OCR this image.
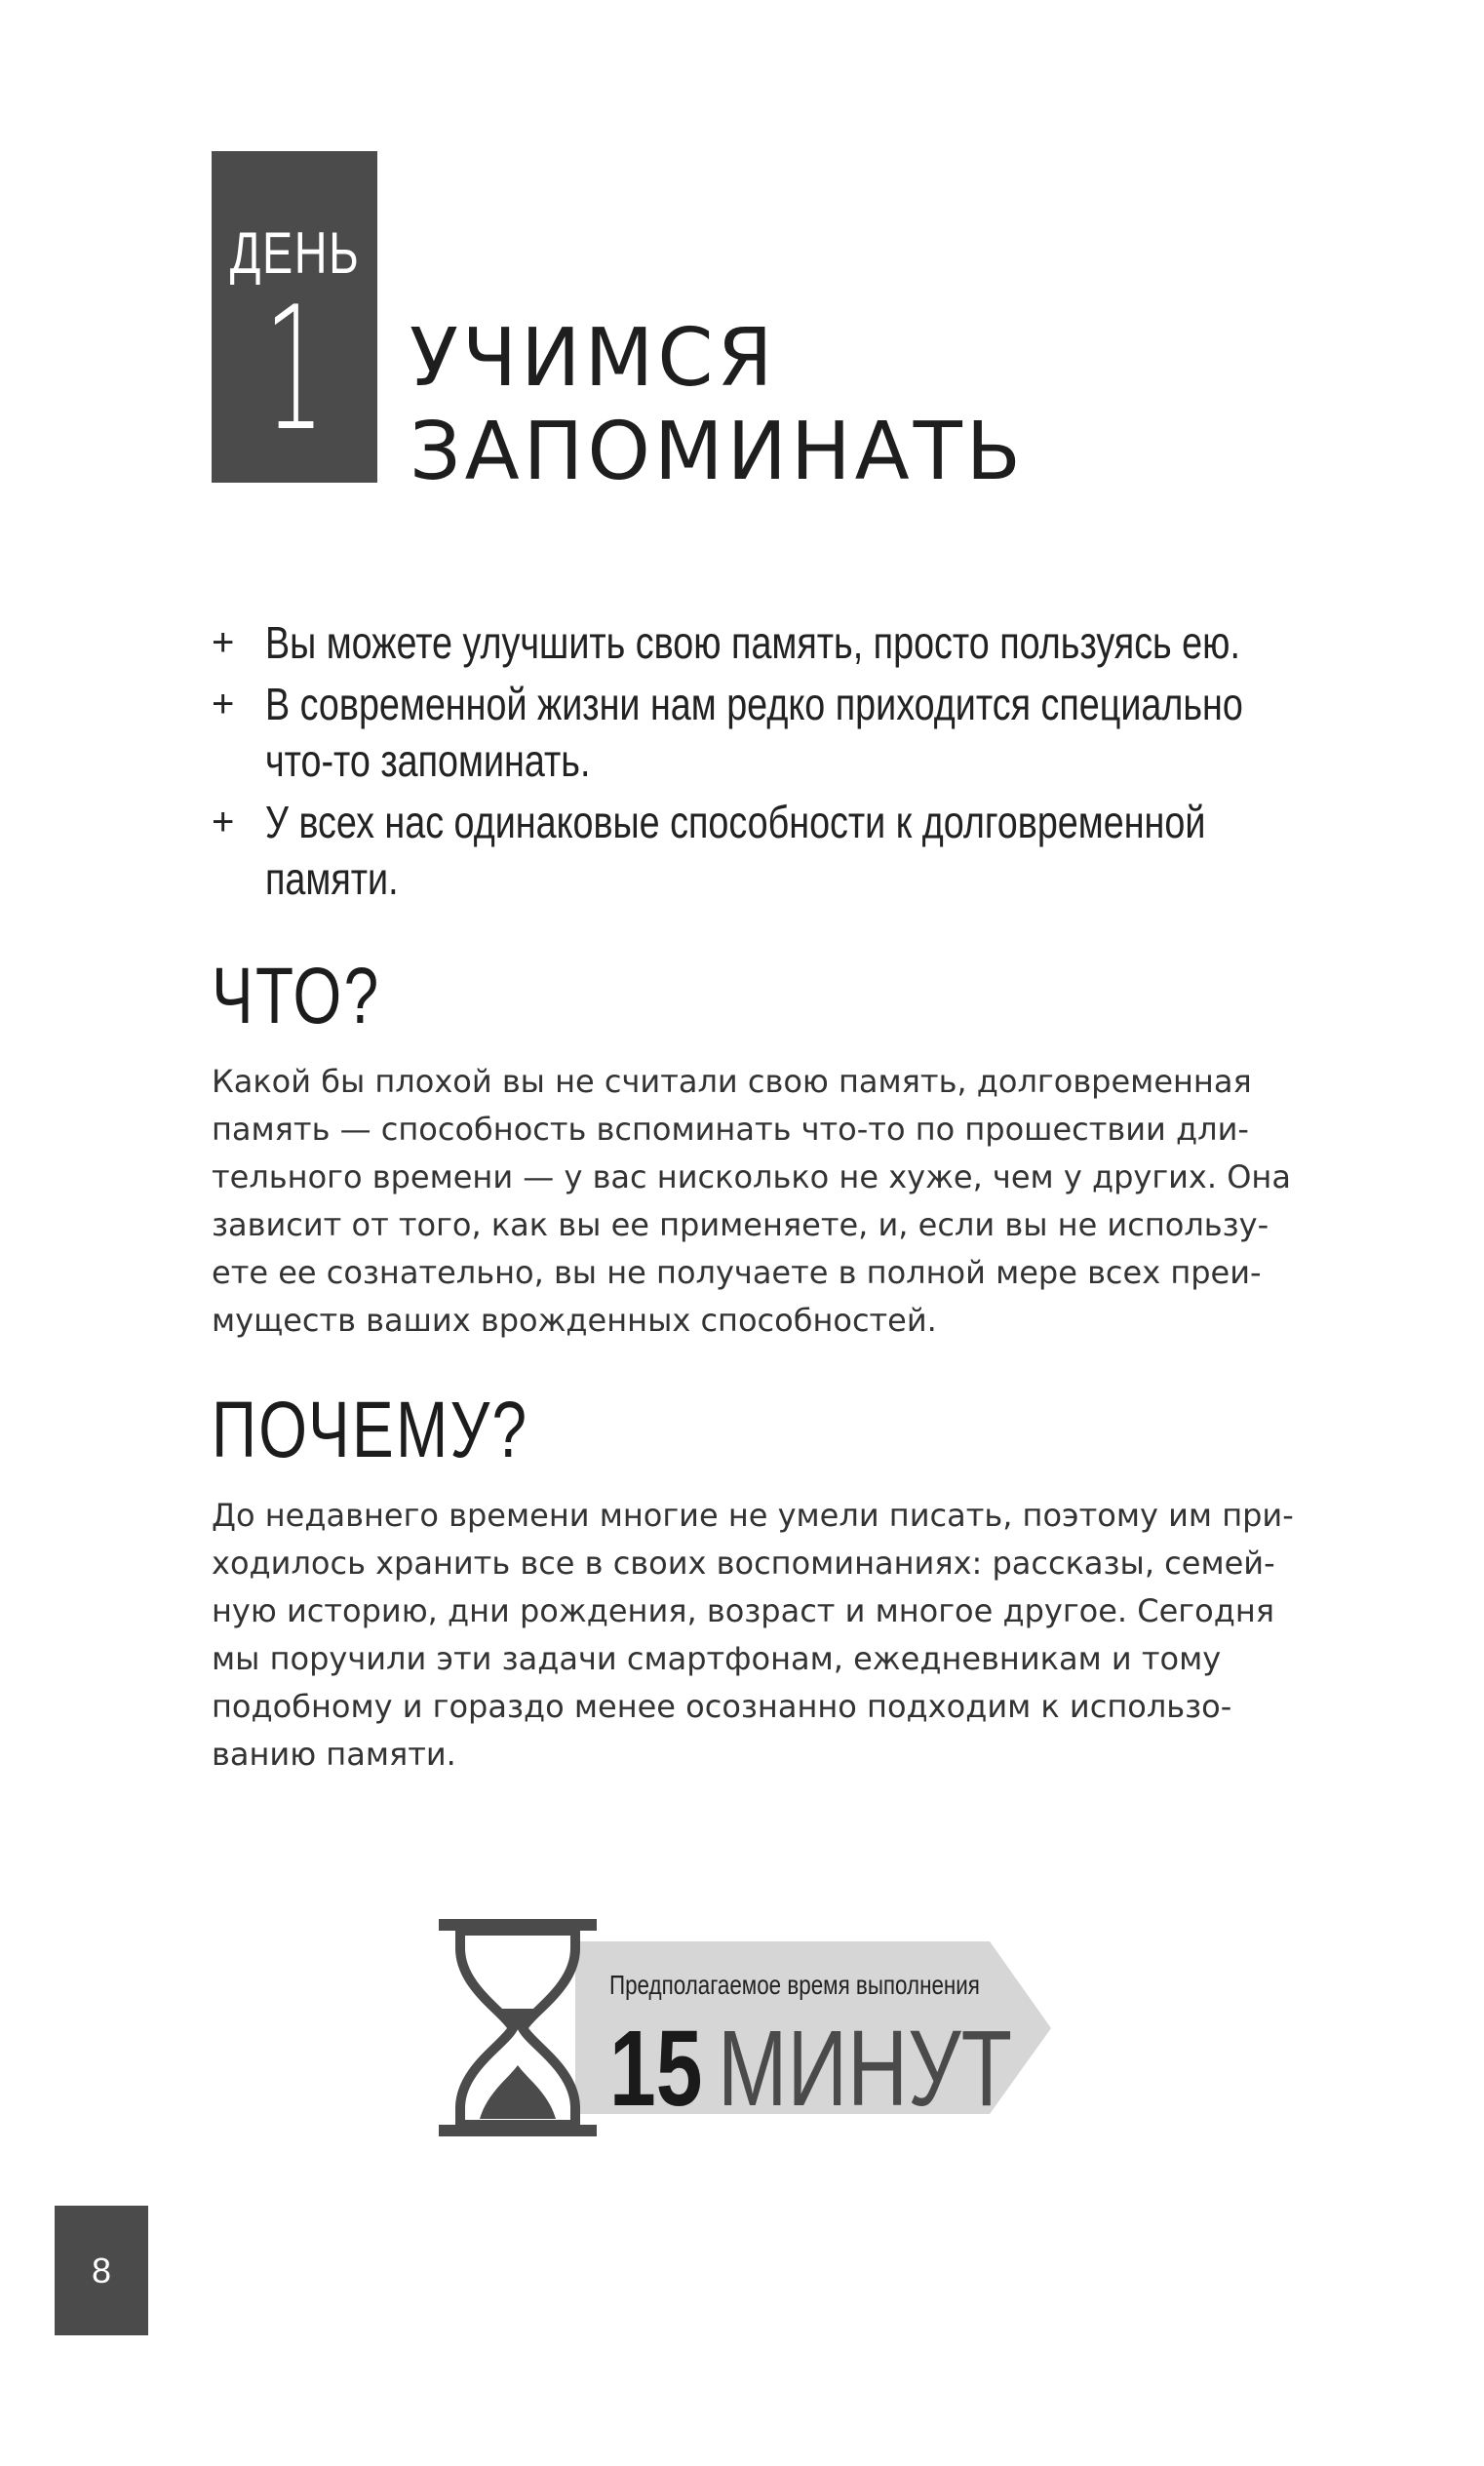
ДЕНЬ
1 УЧИМСЯ
ЗАПОМИНАТЬ
+ Вы можете улучшить свою память, просто пользуясь ею.
+ В современной жизни нам редко приходится специально
что-то запоминать.
+ У всех нас одинаковые способности к долговременной
памяти.
ЧТО?

Какой бы плохой вы не считали свою память, долговременная
память — способность вспоминать что-то по прошествии дли-
тельного времени — у вас нисколько не хуже, чем у других. Она
зависит от того, как вы ее применяете, и, если вы не использу-
ете ее сознательно, вы не получаете в полной мере всех преи-
муществ ваших врожденных способностей.

ПОЧЕМУ?

До недавнего времени многие не умели писать, поэтому им при-
ходилось хранить все в своих воспоминаниях: рассказы, семей-
ную историю, дни рождения, возраст и многое другое. Сегодня
мы поручили эти задачи смартфонам, ежедневникам и тому
подобному и гораздо менее осознанно подходим к использо-
ванию памяти.

Предполагаемое время выполнения
15 МИНУТ
8
